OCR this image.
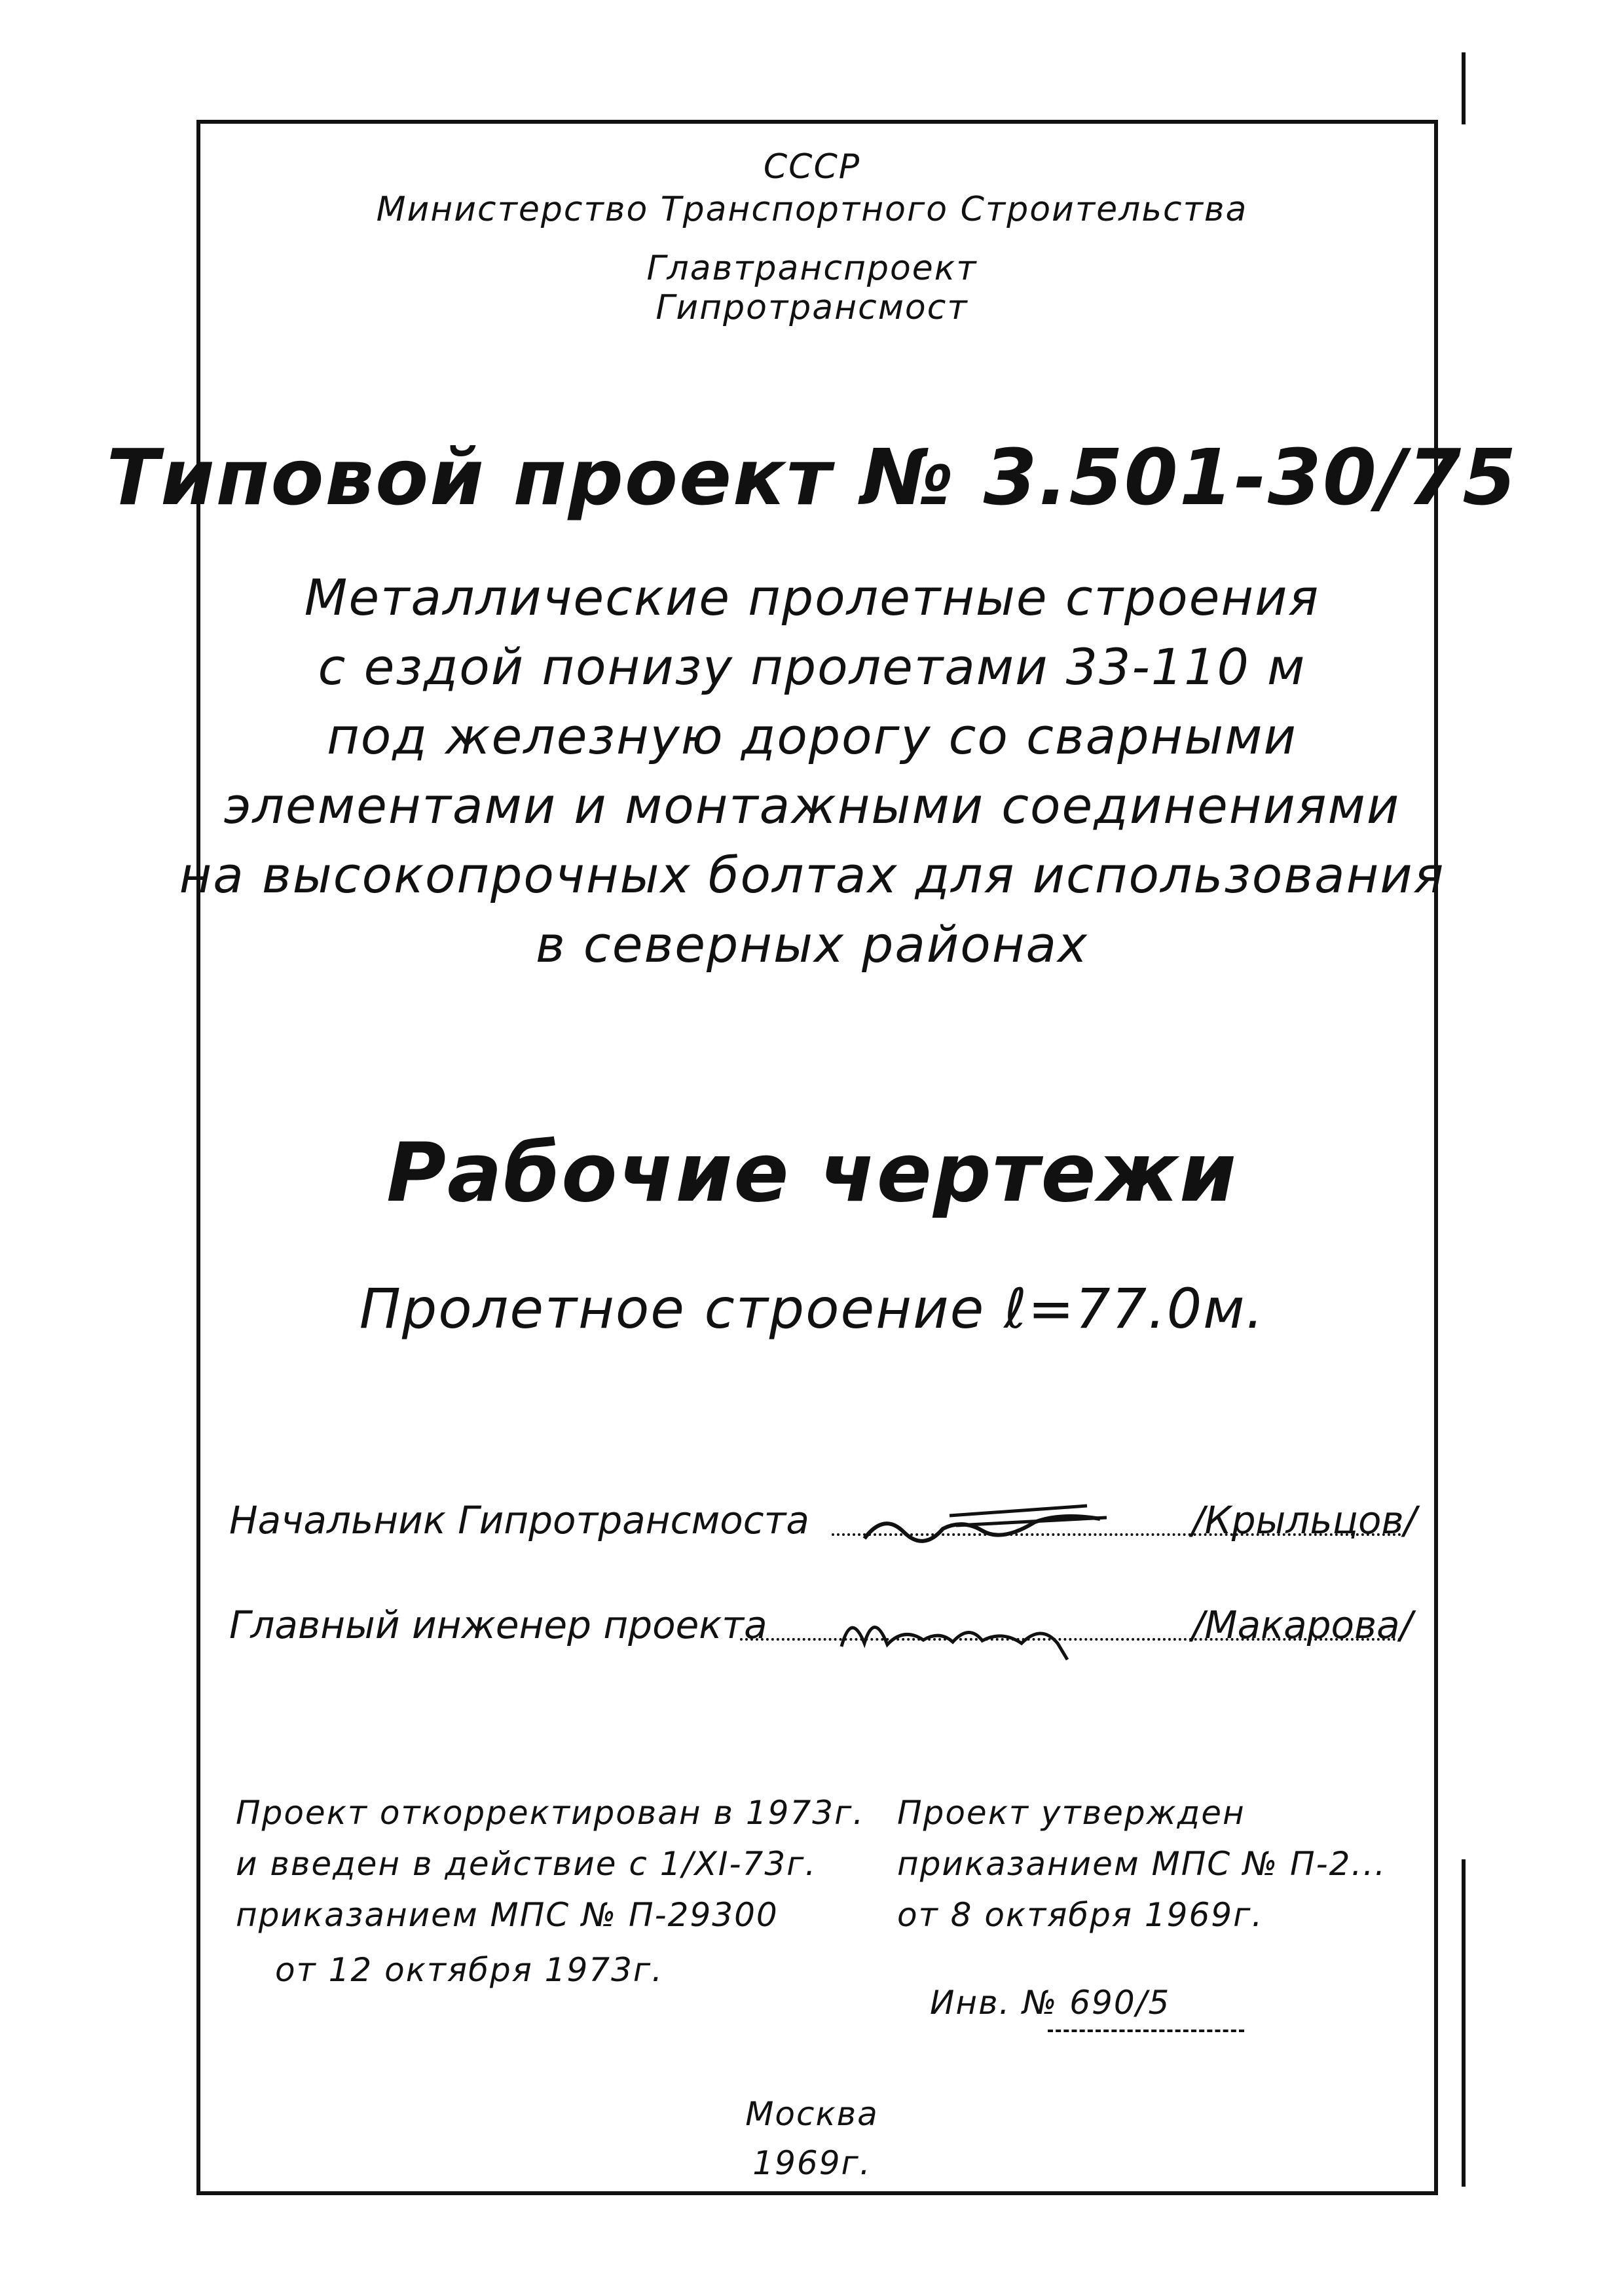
СССР
Министерство Транспортного Строительства
Главтранспроект
Гипротрансмост
Типовой проект № 3.501-30/75
Металлические пролетные строения
с ездой понизу пролетами 33-110 м
под железную дорогу со сварными
элементами и монтажными соединениями
на высокопрочных болтах для использования
в северных районах
Рабочие чертежи
Пролетное строение ℓ=77.0м.
Начальник Гипротрансмоста	/Крыльцов/
Главный инженер проекта	/Макарова/
Проект откорректирован в 1973г.
и введен в действие с 1/XI-73г.
приказанием МПС № П-29300
от 12 октября 1973г.
Проект утвержден
приказанием МПС № П-2...
от 8 октября 1969г.
Инв. № 690/5
Москва
1969г.
